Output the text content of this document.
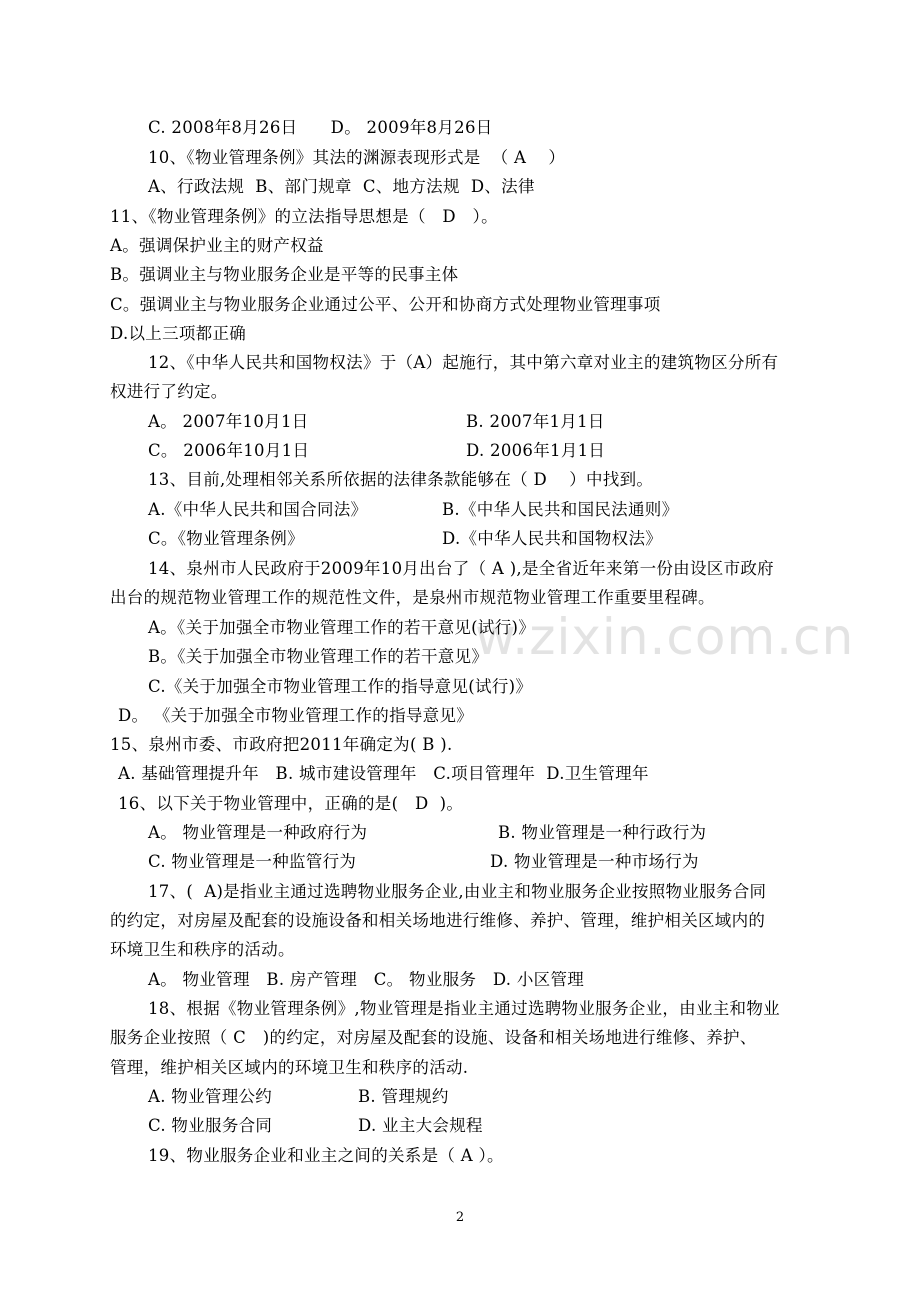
w.zixin.com.cn
C. 2008年8月26日      D。 2009年8月26日
10、《物业管理条例》其法的渊源表现形式是  （ A    ）
A、行政法规  B、部门规章  C、地方法规  D、法律
11、《物业管理条例》的立法指导思想是（   D   ）。
A。强调保护业主的财产权益
B。强调业主与物业服务企业是平等的民事主体
C。强调业主与物业服务企业通过公平、公开和协商方式处理物业管理事项
D.以上三项都正确
12、《中华人民共和国物权法》于（A）起施行，其中第六章对业主的建筑物区分所有
权进行了约定。
A。 2007年10月1日	B. 2007年1月1日
C。 2006年10月1日	D. 2006年1月1日
13、目前,处理相邻关系所依据的法律条款能够在（ D    ）中找到。
A.《中华人民共和国合同法》	B.《中华人民共和国民法通则》
C。《物业管理条例》	D.《中华人民共和国物权法》
14、泉州市人民政府于2009年10月出台了（ A ),是全省近年来第一份由设区市政府
出台的规范物业管理工作的规范性文件，是泉州市规范物业管理工作重要里程碑。
A。《关于加强全市物业管理工作的若干意见(试行)》
B。《关于加强全市物业管理工作的若干意见》
C.《关于加强全市物业管理工作的指导意见(试行)》
D。 《关于加强全市物业管理工作的指导意见》
15、泉州市委、市政府把2011年确定为( B ).
A. 基础管理提升年   B. 城市建设管理年   C.项目管理年  D.卫生管理年
16、以下关于物业管理中，正确的是(   D  )。
A。 物业管理是一种政府行为	B. 物业管理是一种行政行为
C. 物业管理是一种监管行为	D. 物业管理是一种市场行为
17、(  A)是指业主通过选聘物业服务企业,由业主和物业服务企业按照物业服务合同
的约定，对房屋及配套的设施设备和相关场地进行维修、养护、管理，维护相关区域内的
环境卫生和秩序的活动。
A。 物业管理   B. 房产管理   C。 物业服务   D. 小区管理
18、根据《物业管理条例》,物业管理是指业主通过选聘物业服务企业，由业主和物业
服务企业按照（ C   )的约定，对房屋及配套的设施、设备和相关场地进行维修、养护、
管理，维护相关区域内的环境卫生和秩序的活动.
A. 物业管理公约	B. 管理规约
C. 物业服务合同	D. 业主大会规程
19、物业服务企业和业主之间的关系是（ A ）。
2
